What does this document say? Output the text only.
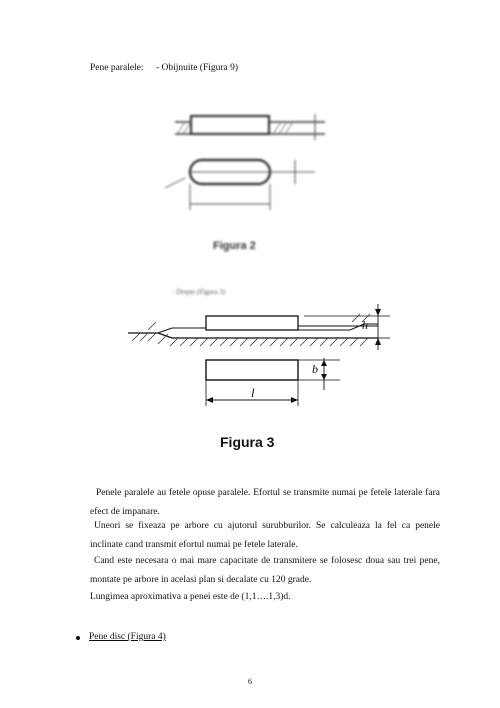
Pene paralele: - Obijnuite (Figura 9)
Figura 2
- Drepte (Figura 3)
h
b
l
Figura 3
Penele paralele au fetele opuse paralele. Efortul se transmite numai pe fetele laterale fara efect de impanare.
Uneori se fixeaza pe arbore cu ajutorul surubburilor. Se calculeaza la fel ca penele inclinate cand transmit efortul numai pe fetele laterale.
Cand este necesara o mai mare capacitate de transmitere se folosesc doua sau trei pene, montate pe arbore in acelasi plan si decalate cu 120 grade.
Lungimea aproximativa a penei este de (1,1….1,3)d.
Pene disc (Figura 4)
6
